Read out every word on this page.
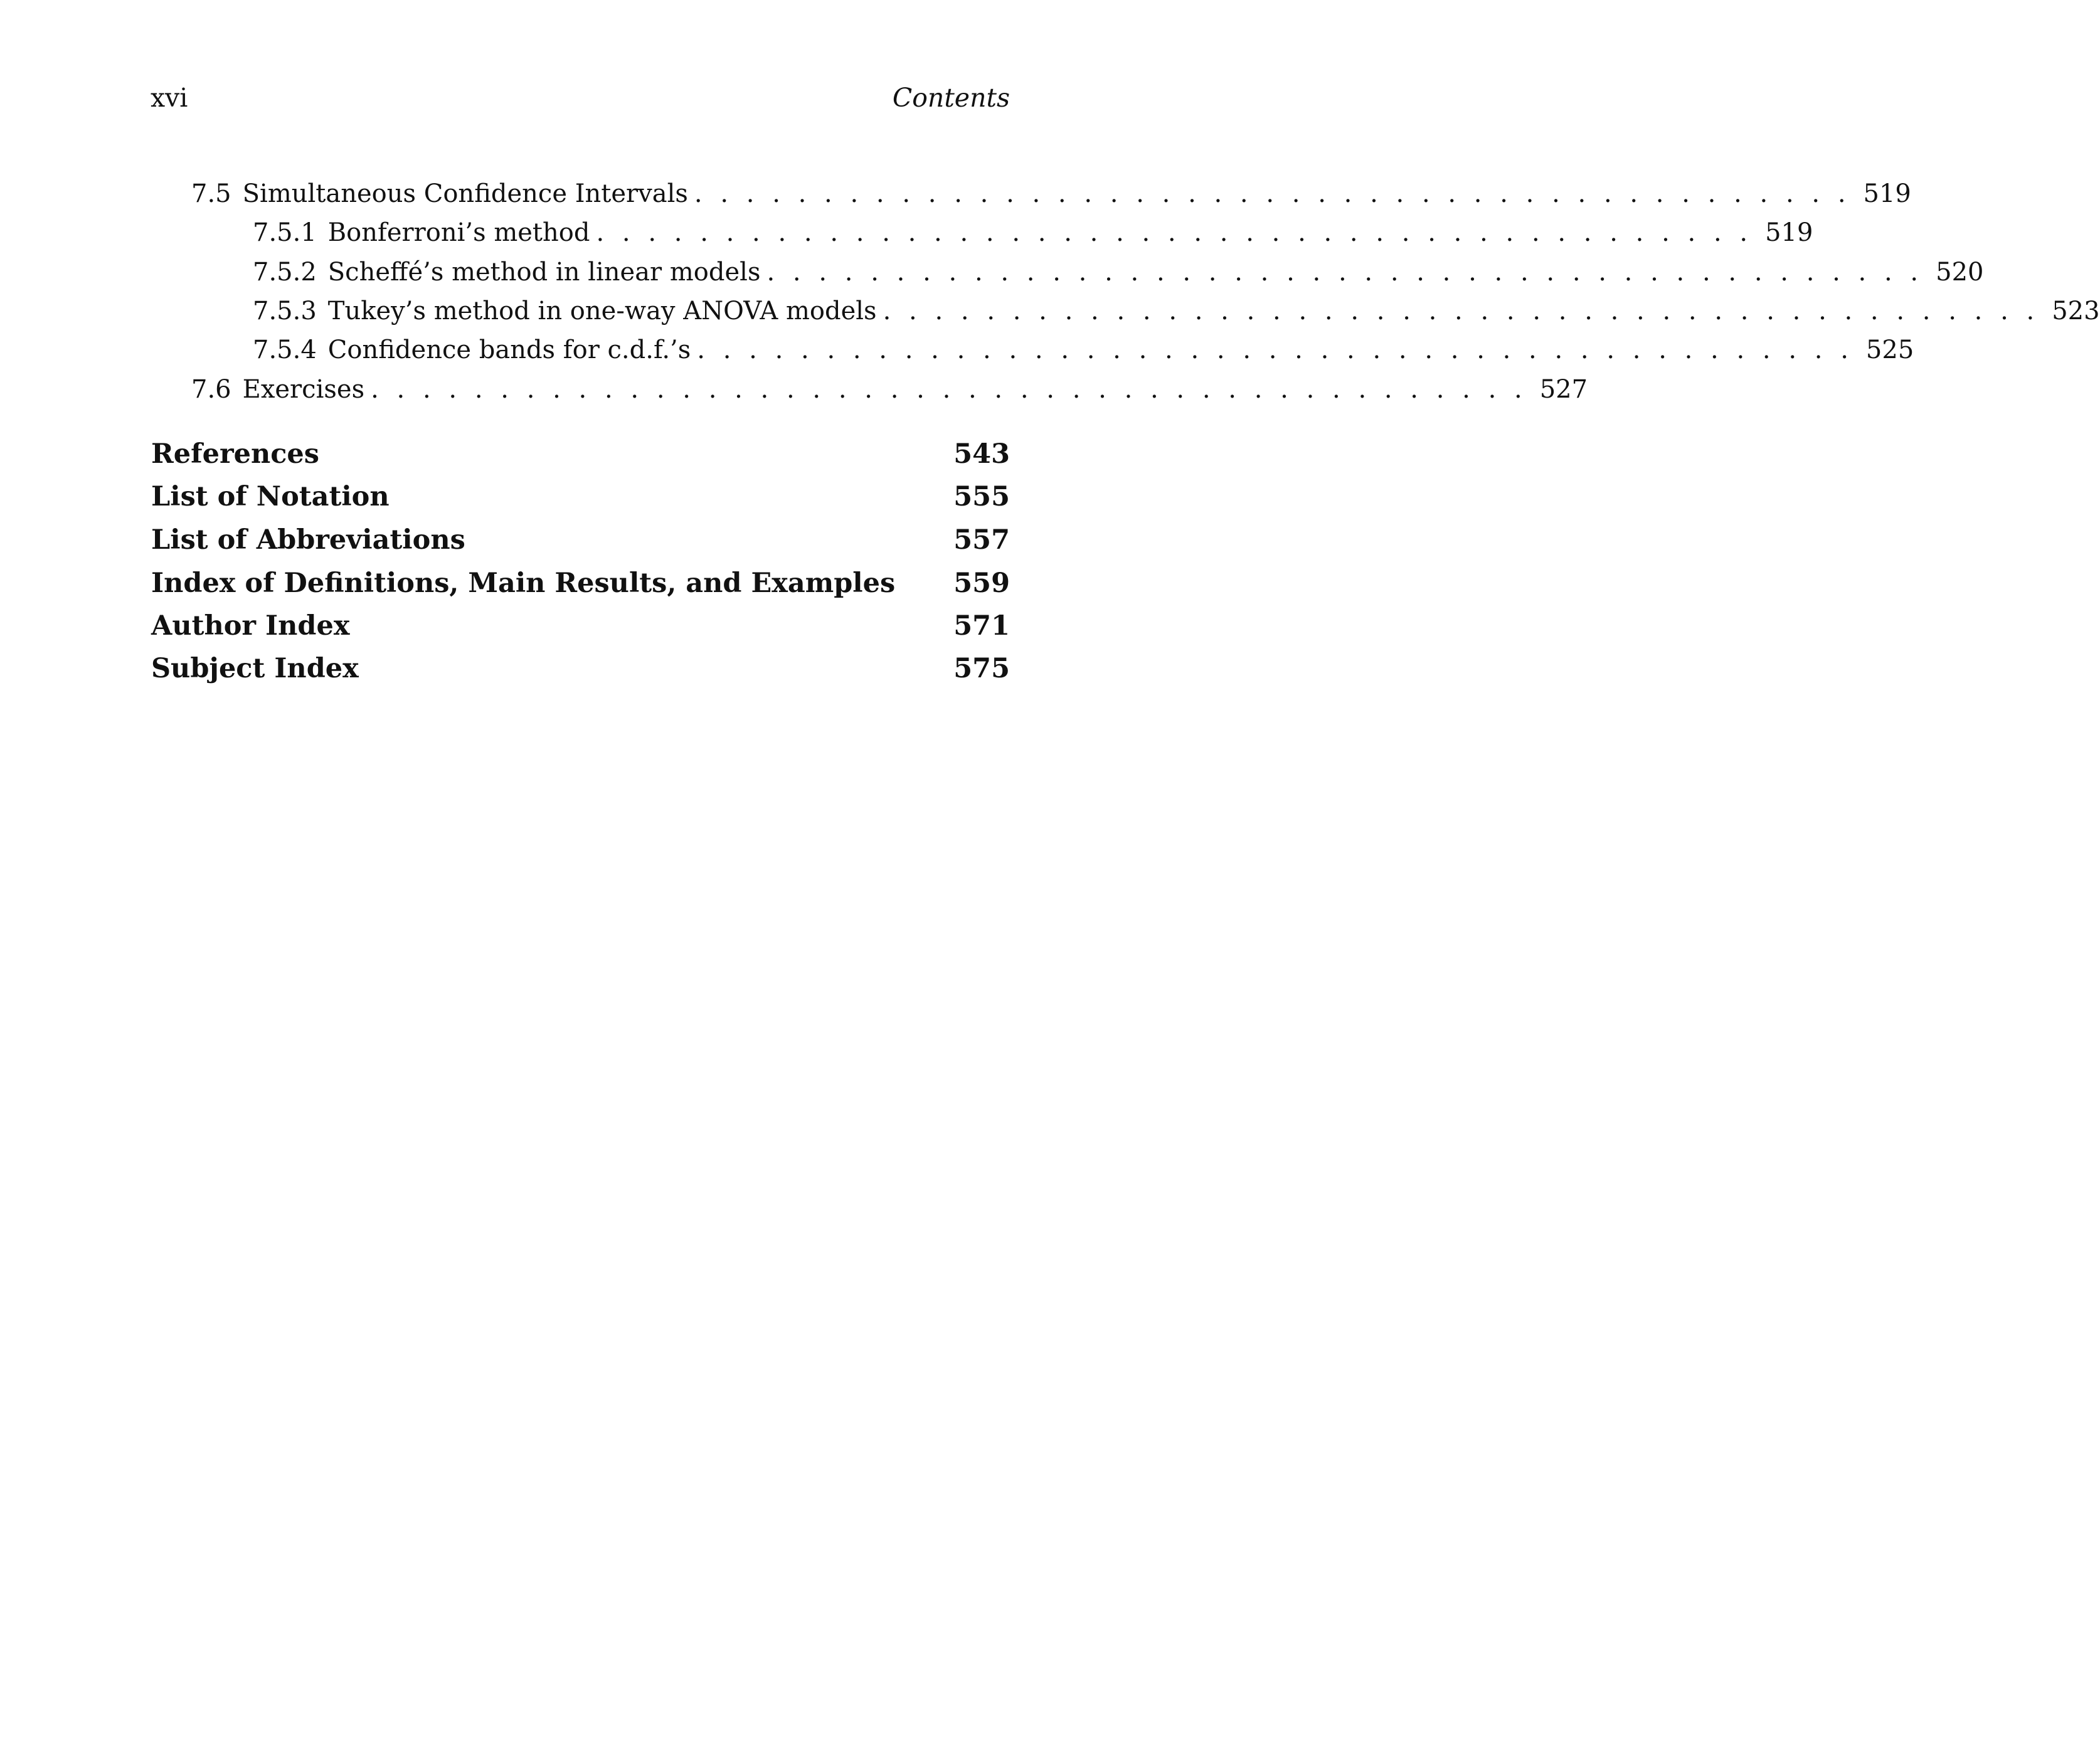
xvi	Contents
7.5 Simultaneous Confidence Intervals . . . . . . . . . . . . . . . . . . . . . . . . . . . . . . . . . . . . . . . . . . . . . 519
7.5.1 Bonferroni’s method . . . . . . . . . . . . . . . . . . . . . . . . . . . . . . . . . . . . . . . . . . . . . 519
7.5.2 Scheffé’s method in linear models . . . . . . . . . . . . . . . . . . . . . . . . . . . . . . . . . . . . . . . . . . . . . 520
7.5.3 Tukey’s method in one-way ANOVA models . . . . . . . . . . . . . . . . . . . . . . . . . . . . . . . . . . . . . . . . . . . . . 523
7.5.4 Confidence bands for c.d.f.’s . . . . . . . . . . . . . . . . . . . . . . . . . . . . . . . . . . . . . . . . . . . . . 525
7.6 Exercises . . . . . . . . . . . . . . . . . . . . . . . . . . . . . . . . . . . . . . . . . . . . . 527
References	543
List of Notation	555
List of Abbreviations	557
Index of Definitions, Main Results, and Examples 559
Author Index	571
Subject Index	575
